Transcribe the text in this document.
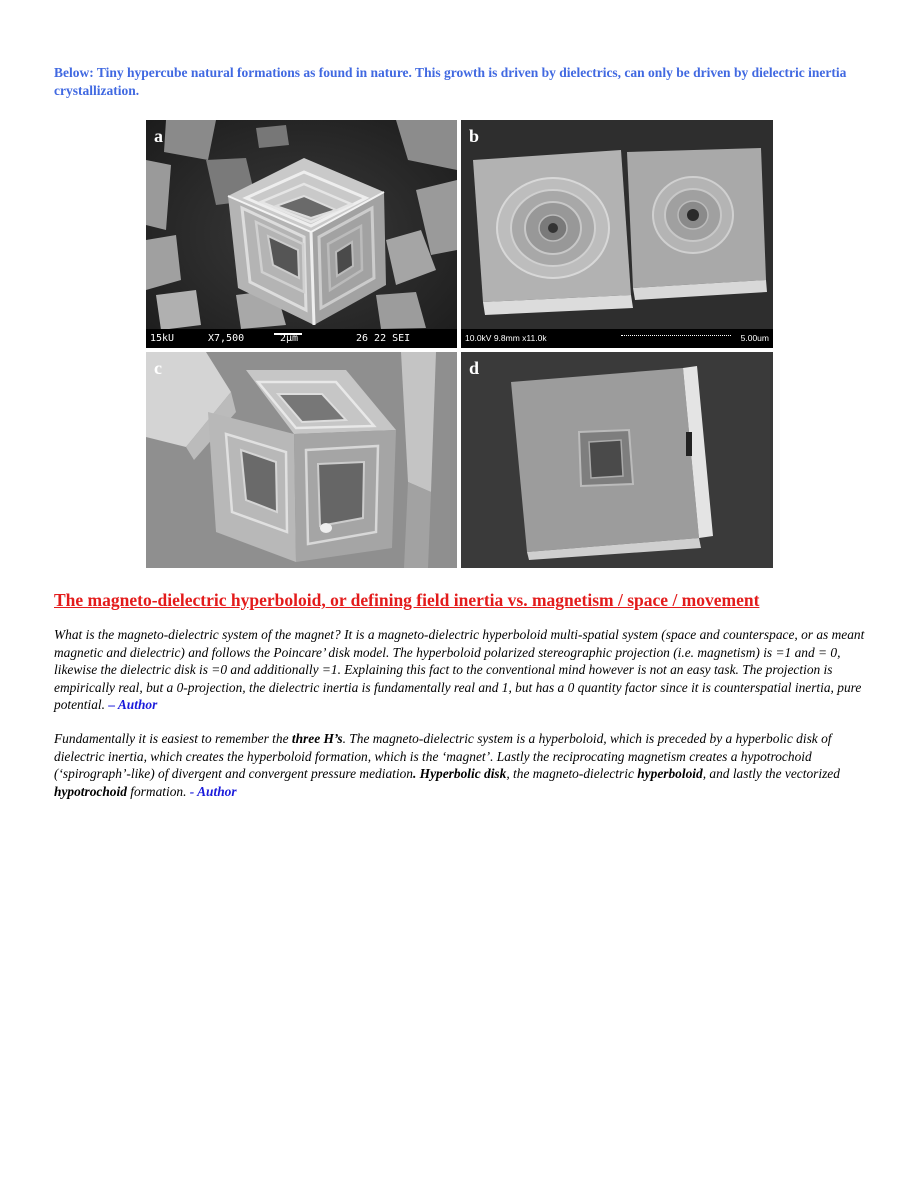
Below: Tiny hypercube natural formations as found in nature. This growth is driven by dielectrics, can only be driven by dielectric inertia crystallization.
a
15kU	X7,500	2µm	26 22 SEI
b
10.0kV 9.8mm x11.0k	5.00um
c	d
The magneto-dielectric hyperboloid, or defining field inertia vs. magnetism / space / movement

What is the magneto-dielectric system of the magnet? It is a magneto-dielectric hyperboloid multi-spatial system (space and counterspace, or as meant magnetic and dielectric) and follows the Poincare’ disk model. The hyperboloid polarized stereographic projection (i.e. magnetism) is =1 and = 0, likewise the dielectric disk is =0 and additionally =1. Explaining this fact to the conventional mind however is not an easy task. The projection is empirically real, but a 0-projection, the dielectric inertia is fundamentally real and 1, but has a 0 quantity factor since it is counterspatial inertia, pure potential. – Author

Fundamentally it is easiest to remember the three H’s. The magneto-dielectric system is a hyperboloid, which is preceded by a hyperbolic disk of dielectric inertia, which creates the hyperboloid formation, which is the ‘magnet’. Lastly the reciprocating magnetism creates a hypotrochoid (‘spirograph’-like) of divergent and convergent pressure mediation. Hyperbolic disk, the magneto-dielectric hyperboloid, and lastly the vectorized hypotrochoid formation. - Author
